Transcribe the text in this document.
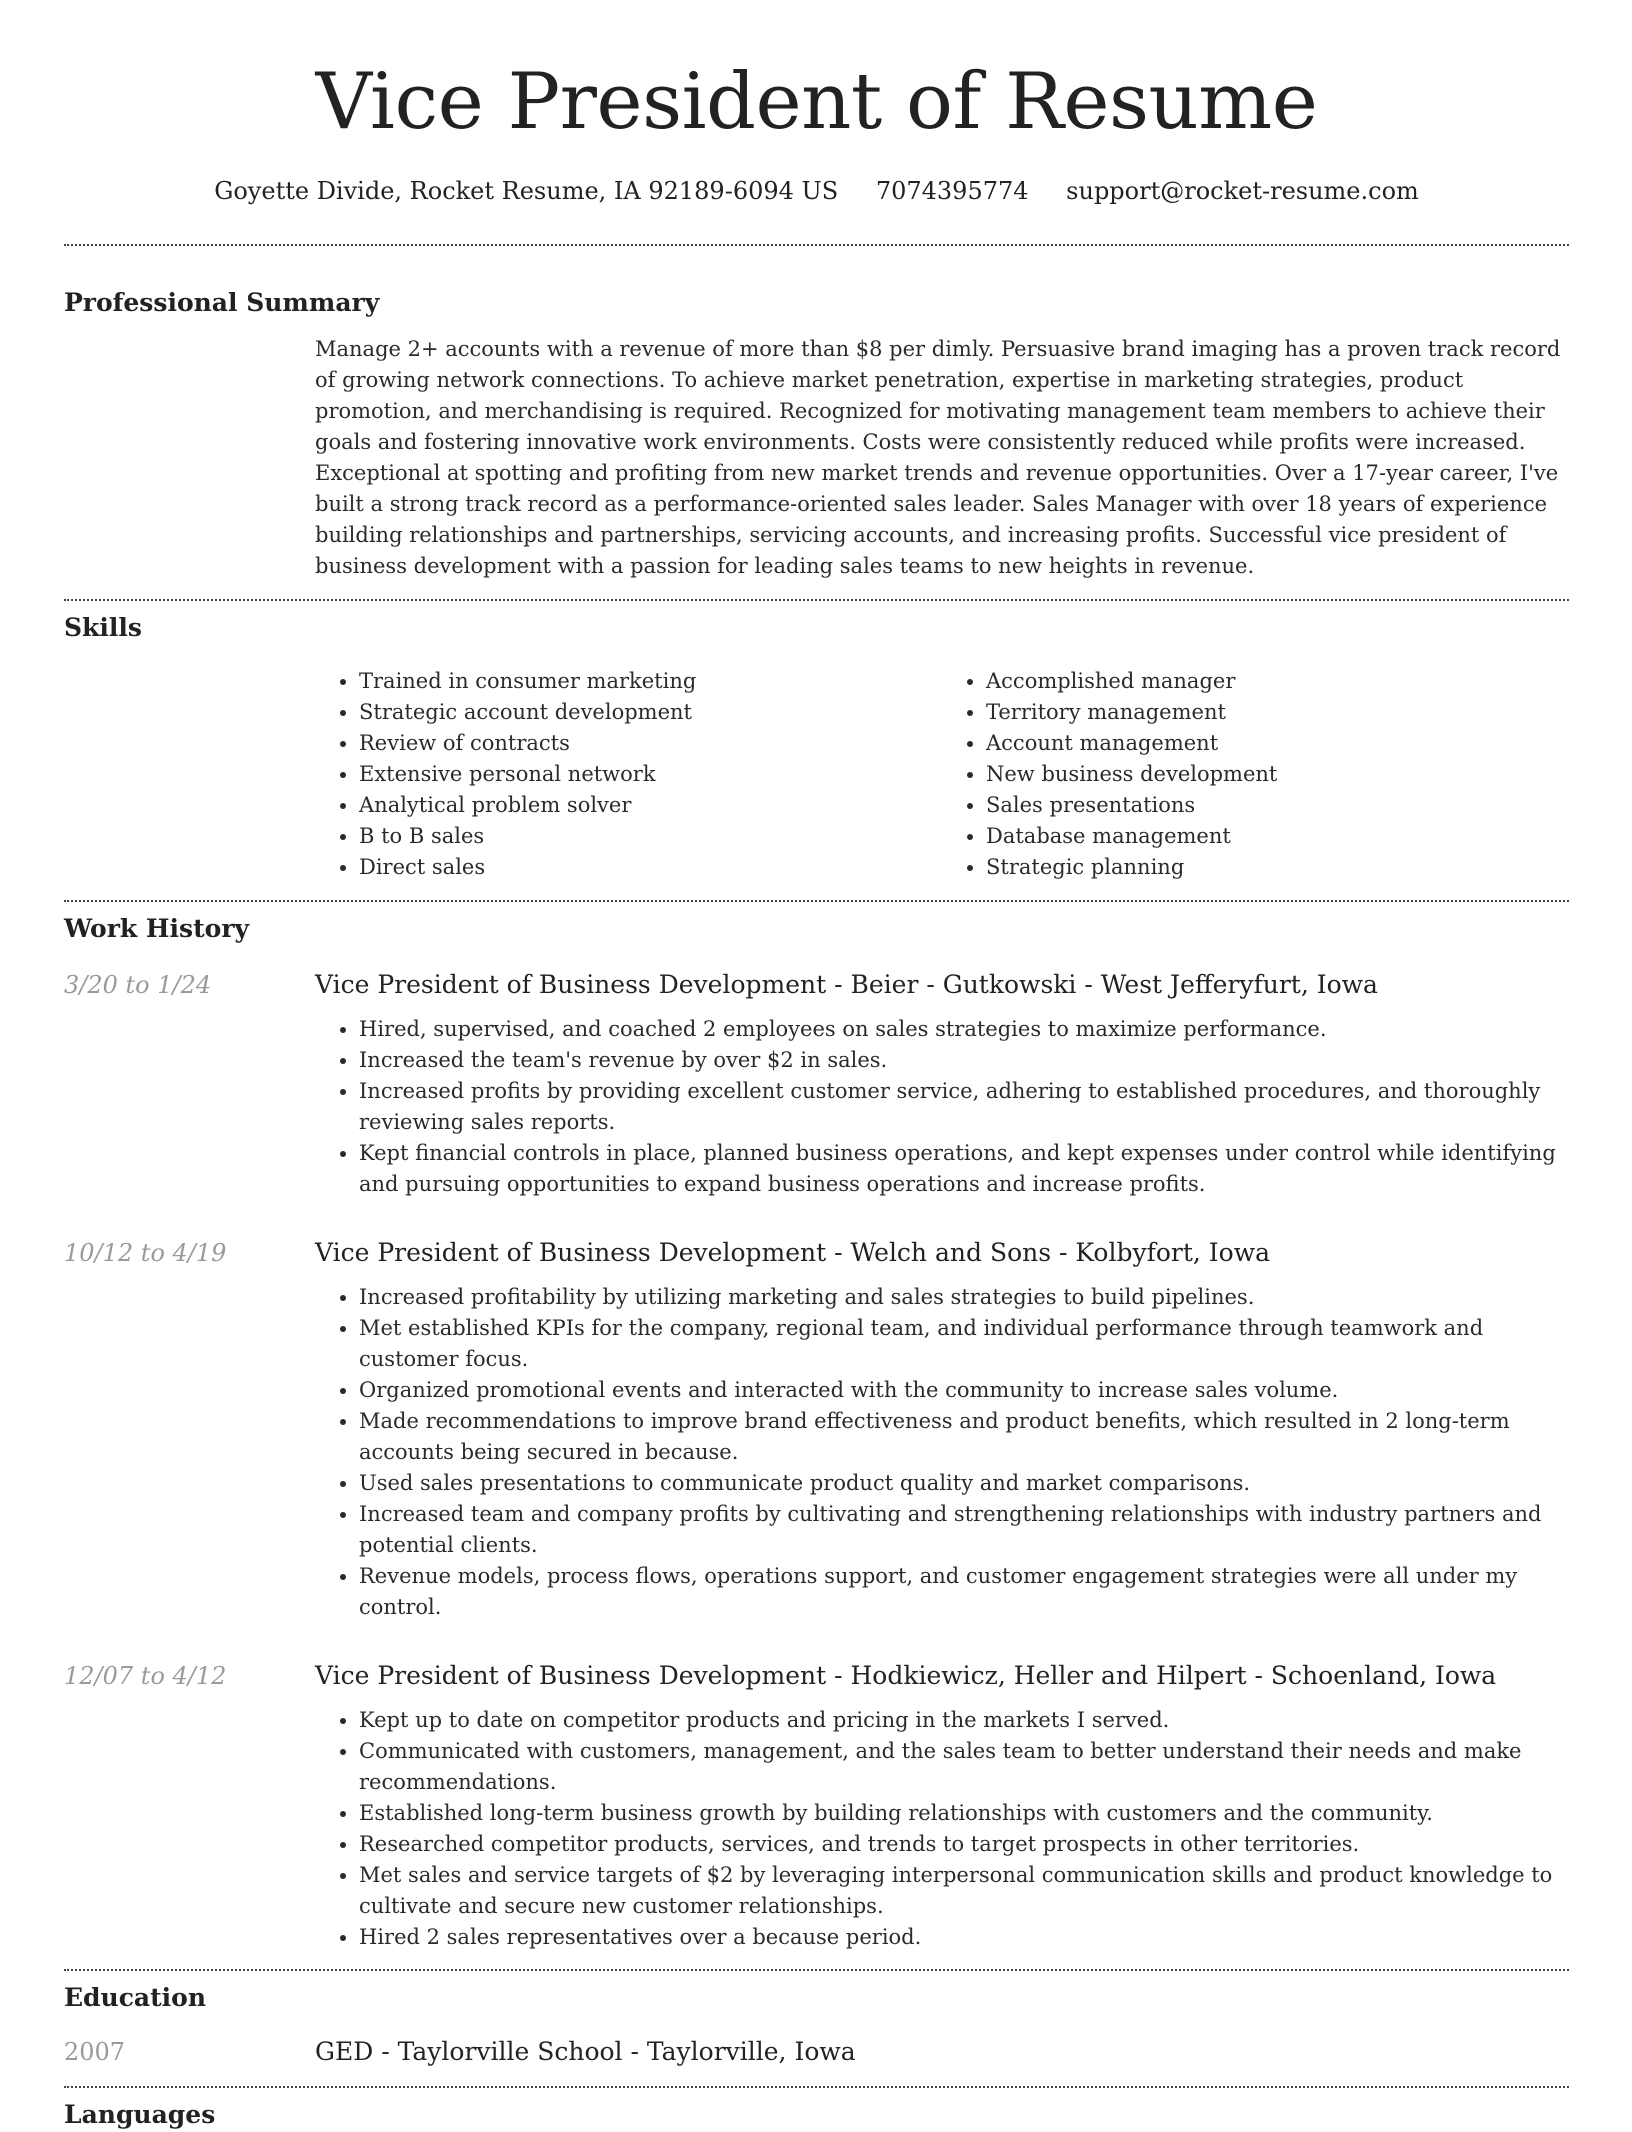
Vice President of Resume
Goyette Divide, Rocket Resume, IA 92189-6094 US 7074395774 support@rocket-resume.com
Professional Summary
Manage 2+ accounts with a revenue of more than $8 per dimly. Persuasive brand imaging has a proven track record of growing network connections. To achieve market penetration, expertise in marketing strategies, product promotion, and merchandising is required. Recognized for motivating management team members to achieve their goals and fostering innovative work environments. Costs were consistently reduced while profits were increased. Exceptional at spotting and profiting from new market trends and revenue opportunities. Over a 17-year career, I've built a strong track record as a performance-oriented sales leader. Sales Manager with over 18 years of experience building relationships and partnerships, servicing accounts, and increasing profits. Successful vice president of business development with a passion for leading sales teams to new heights in revenue.
Skills
• Trained in consumer marketing
• Strategic account development
• Review of contracts
• Extensive personal network
• Analytical problem solver
• B to B sales
• Direct sales
• Accomplished manager
• Territory management
• Account management
• New business development
• Sales presentations
• Database management
• Strategic planning
Work History
3/20 to 1/24	Vice President of Business Development - Beier - Gutkowski - West Jefferyfurt, Iowa
• Hired, supervised, and coached 2 employees on sales strategies to maximize performance.
• Increased the team's revenue by over $2 in sales.
• Increased profits by providing excellent customer service, adhering to established procedures, and thoroughly reviewing sales reports.
• Kept financial controls in place, planned business operations, and kept expenses under control while identifying and pursuing opportunities to expand business operations and increase profits.
10/12 to 4/19	Vice President of Business Development - Welch and Sons - Kolbyfort, Iowa
• Increased profitability by utilizing marketing and sales strategies to build pipelines.
• Met established KPIs for the company, regional team, and individual performance through teamwork and customer focus.
• Organized promotional events and interacted with the community to increase sales volume.
• Made recommendations to improve brand effectiveness and product benefits, which resulted in 2 long-term accounts being secured in because.
• Used sales presentations to communicate product quality and market comparisons.
• Increased team and company profits by cultivating and strengthening relationships with industry partners and potential clients.
• Revenue models, process flows, operations support, and customer engagement strategies were all under my control.
12/07 to 4/12	Vice President of Business Development - Hodkiewicz, Heller and Hilpert - Schoenland, Iowa
• Kept up to date on competitor products and pricing in the markets I served.
• Communicated with customers, management, and the sales team to better understand their needs and make recommendations.
• Established long-term business growth by building relationships with customers and the community.
• Researched competitor products, services, and trends to target prospects in other territories.
• Met sales and service targets of $2 by leveraging interpersonal communication skills and product knowledge to cultivate and secure new customer relationships.
• Hired 2 sales representatives over a because period.
Education
2007	GED - Taylorville School - Taylorville, Iowa
Languages
